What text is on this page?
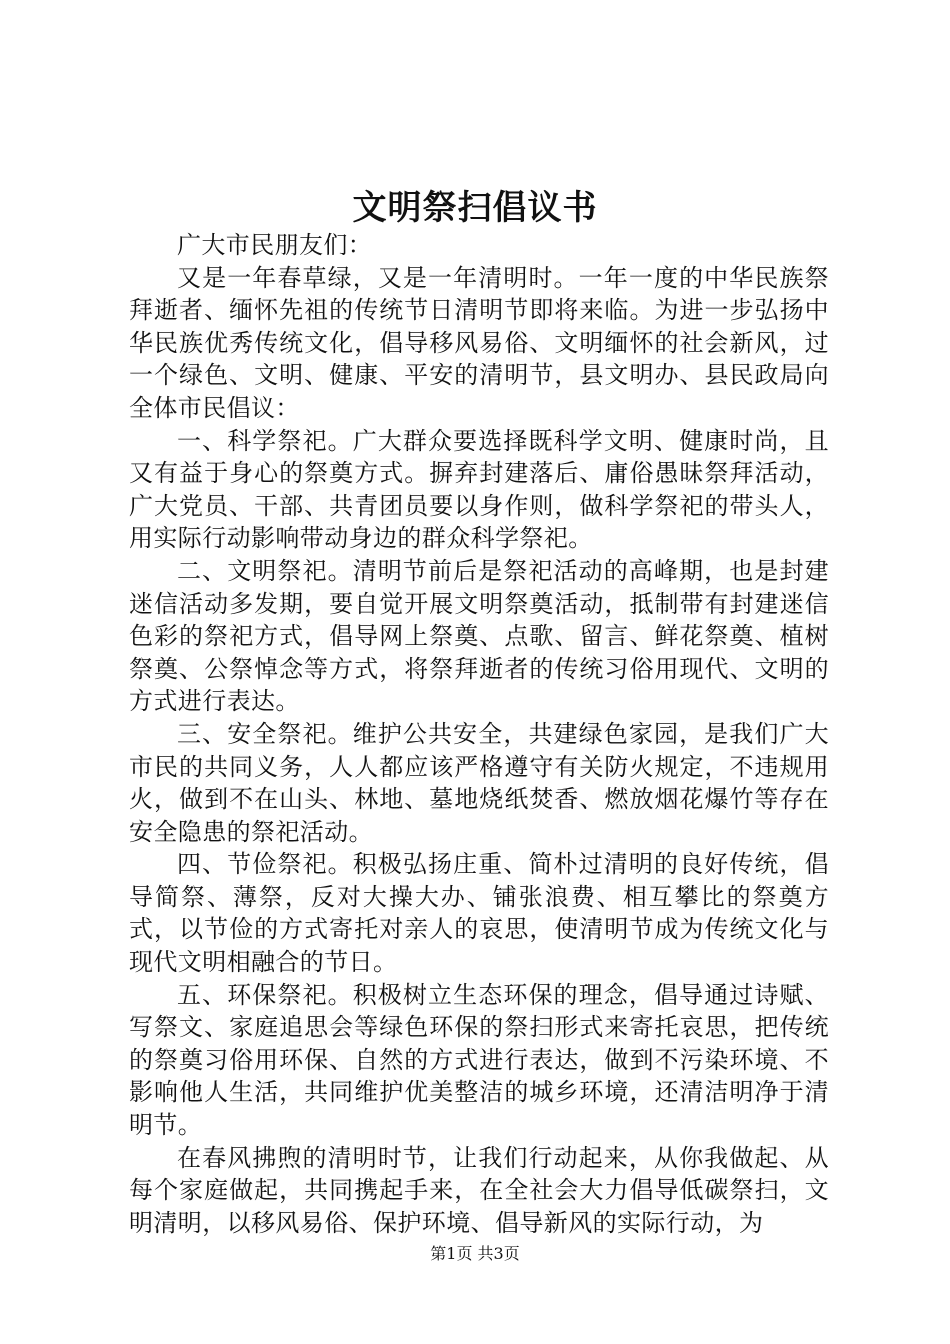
文明祭扫倡议书

广大市民朋友们：

又是一年春草绿，又是一年清明时。一年一度的中华民族祭拜逝者、缅怀先祖的传统节日清明节即将来临。为进一步弘扬中华民族优秀传统文化，倡导移风易俗、文明缅怀的社会新风，过一个绿色、文明、健康、平安的清明节，县文明办、县民政局向全体市民倡议：

一、科学祭祀。广大群众要选择既科学文明、健康时尚，且又有益于身心的祭奠方式。摒弃封建落后、庸俗愚昧祭拜活动，广大党员、干部、共青团员要以身作则，做科学祭祀的带头人，用实际行动影响带动身边的群众科学祭祀。

二、文明祭祀。清明节前后是祭祀活动的高峰期，也是封建迷信活动多发期，要自觉开展文明祭奠活动，抵制带有封建迷信色彩的祭祀方式，倡导网上祭奠、点歌、留言、鲜花祭奠、植树祭奠、公祭悼念等方式，将祭拜逝者的传统习俗用现代、文明的方式进行表达。

三、安全祭祀。维护公共安全，共建绿色家园，是我们广大市民的共同义务，人人都应该严格遵守有关防火规定，不违规用火，做到不在山头、林地、墓地烧纸焚香、燃放烟花爆竹等存在安全隐患的祭祀活动。

四、节俭祭祀。积极弘扬庄重、简朴过清明的良好传统，倡导简祭、薄祭，反对大操大办、铺张浪费、相互攀比的祭奠方式，以节俭的方式寄托对亲人的哀思，使清明节成为传统文化与现代文明相融合的节日。

五、环保祭祀。积极树立生态环保的理念，倡导通过诗赋、写祭文、家庭追思会等绿色环保的祭扫形式来寄托哀思，把传统的祭奠习俗用环保、自然的方式进行表达，做到不污染环境、不影响他人生活，共同维护优美整洁的城乡环境，还清洁明净于清明节。

在春风拂煦的清明时节，让我们行动起来，从你我做起、从每个家庭做起，共同携起手来，在全社会大力倡导低碳祭扫，文明清明，以移风易俗、保护环境、倡导新风的实际行动，为

第1页 共3页
